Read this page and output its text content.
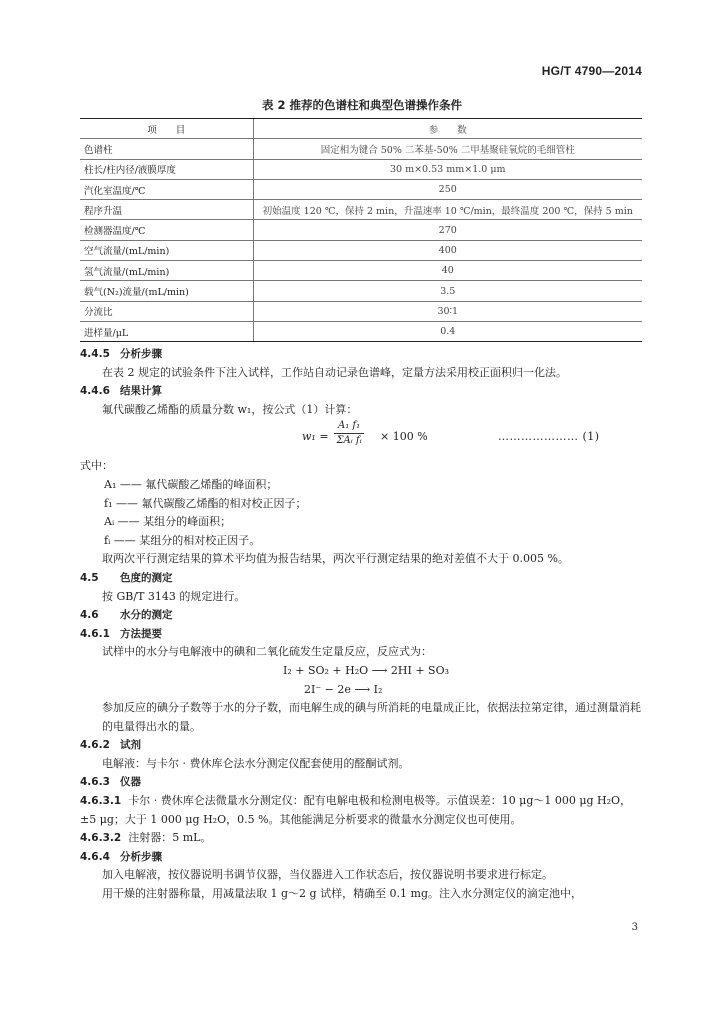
HG/T 4790—2014
表 2 推荐的色谱柱和典型色谱操作条件
项　　目	参　　数
色谱柱	固定相为键合 50% 二苯基-50% 二甲基聚硅氧烷的毛细管柱
柱长/柱内径/液膜厚度	30 m×0.53 mm×1.0 μm
汽化室温度/℃	250
程序升温	初始温度 120 ℃，保持 2 min，升温速率 10 ℃/min，最终温度 200 ℃，保持 5 min
检测器温度/℃	270
空气流量/(mL/min)	400
氢气流量/(mL/min)	40
载气(N₂)流量/(mL/min)	3.5
分流比	30∶1
进样量/μL	0.4
4.4.5 分析步骤
在表 2 规定的试验条件下注入试样，工作站自动记录色谱峰，定量方法采用校正面积归一化法。
4.4.6 结果计算
氟代碳酸乙烯酯的质量分数 w₁，按公式（1）计算：
w₁ =
A₁ f₁
ΣAᵢ fᵢ × 100 %	………………… (1)
式中：
A₁ —— 氟代碳酸乙烯酯的峰面积；
f₁ —— 氟代碳酸乙烯酯的相对校正因子；
Aᵢ —— 某组分的峰面积；
fᵢ —— 某组分的相对校正因子。
取两次平行测定结果的算术平均值为报告结果，两次平行测定结果的绝对差值不大于 0.005 %。
4.5 色度的测定
按 GB/T 3143 的规定进行。
4.6 水分的测定
4.6.1 方法提要
试样中的水分与电解液中的碘和二氧化硫发生定量反应，反应式为：
I₂ + SO₂ + H₂O ⟶ 2HI + SO₃
2I⁻ − 2e ⟶ I₂
参加反应的碘分子数等于水的分子数，而电解生成的碘与所消耗的电量成正比，依据法拉第定律，通过测量消耗的电量得出水的量。
4.6.2 试剂
电解液：与卡尔 · 费休库仑法水分测定仪配套使用的醛酮试剂。
4.6.3 仪器
4.6.3.1 卡尔 · 费休库仑法微量水分测定仪：配有电解电极和检测电极等。示值误差：10 μg～1 000 μg H₂O，±5 μg；大于 1 000 μg H₂O，0.5 %。其他能满足分析要求的微量水分测定仪也可使用。
4.6.3.2 注射器：5 mL。
4.6.4 分析步骤
加入电解液，按仪器说明书调节仪器，当仪器进入工作状态后，按仪器说明书要求进行标定。
用干燥的注射器称量，用减量法取 1 g～2 g 试样，精确至 0.1 mg。注入水分测定仪的滴定池中，
3
